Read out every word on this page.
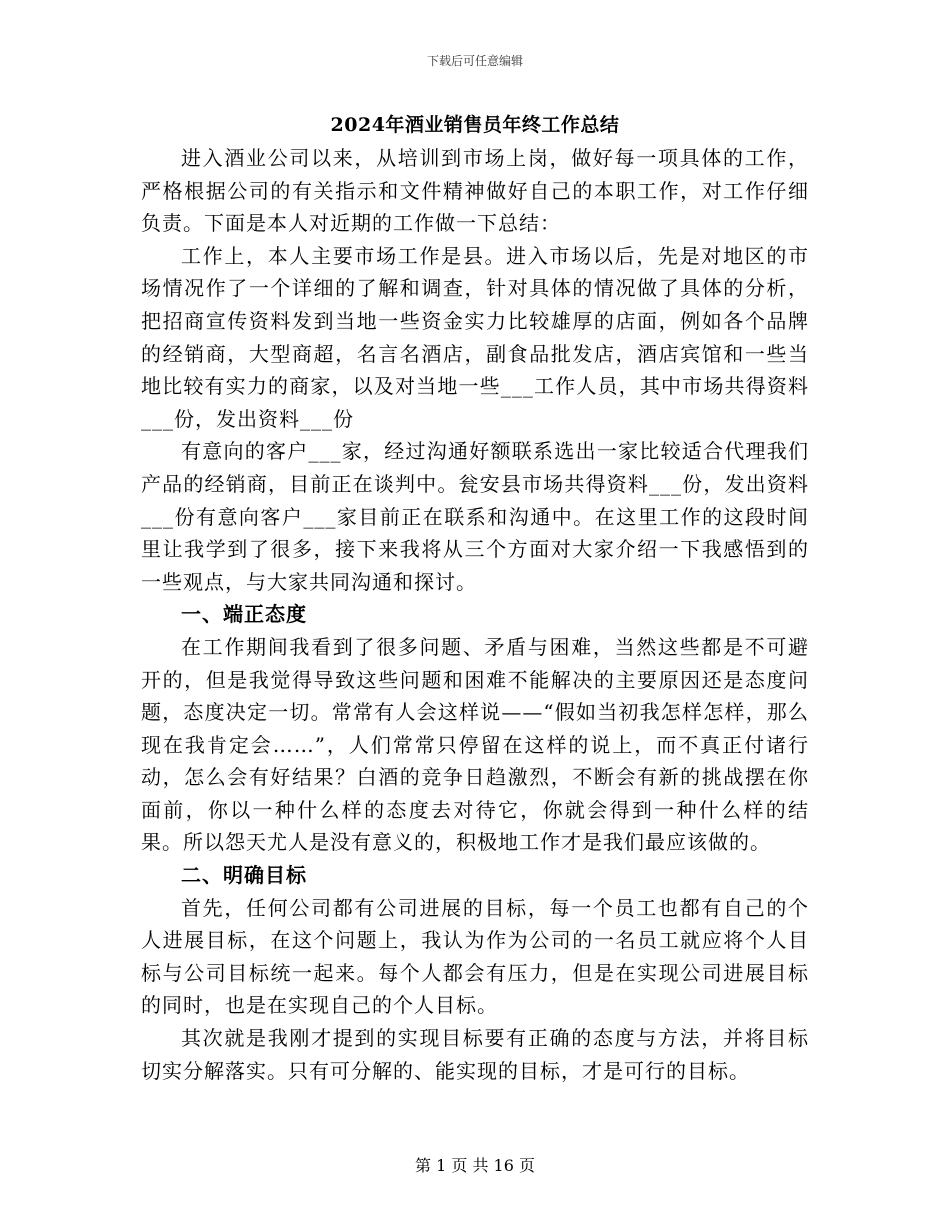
下载后可任意编辑
2024年酒业销售员年终工作总结

进入酒业公司以来，从培训到市场上岗，做好每一项具体的工作，严格根据公司的有关指示和文件精神做好自己的本职工作，对工作仔细负责。下面是本人对近期的工作做一下总结：

工作上，本人主要市场工作是县。进入市场以后，先是对地区的市场情况作了一个详细的了解和调查，针对具体的情况做了具体的分析，把招商宣传资料发到当地一些资金实力比较雄厚的店面，例如各个品牌的经销商，大型商超，名言名酒店，副食品批发店，酒店宾馆和一些当地比较有实力的商家，以及对当地一些___工作人员，其中市场共得资料___份，发出资料___份

有意向的客户___家，经过沟通好额联系选出一家比较适合代理我们产品的经销商，目前正在谈判中。瓮安县市场共得资料___份，发出资料___份有意向客户___家目前正在联系和沟通中。在这里工作的这段时间里让我学到了很多，接下来我将从三个方面对大家介绍一下我感悟到的一些观点，与大家共同沟通和探讨。

一、端正态度

在工作期间我看到了很多问题、矛盾与困难，当然这些都是不可避开的，但是我觉得导致这些问题和困难不能解决的主要原因还是态度问题，态度决定一切。常常有人会这样说——“假如当初我怎样怎样，那么现在我肯定会……”，人们常常只停留在这样的说上，而不真正付诸行动，怎么会有好结果？白酒的竞争日趋激烈，不断会有新的挑战摆在你面前，你以一种什么样的态度去对待它，你就会得到一种什么样的结果。所以怨天尤人是没有意义的，积极地工作才是我们最应该做的。

二、明确目标

首先，任何公司都有公司进展的目标，每一个员工也都有自己的个人进展目标，在这个问题上，我认为作为公司的一名员工就应将个人目标与公司目标统一起来。每个人都会有压力，但是在实现公司进展目标的同时，也是在实现自己的个人目标。

其次就是我刚才提到的实现目标要有正确的态度与方法，并将目标切实分解落实。只有可分解的、能实现的目标，才是可行的目标。

第 1 页 共 16 页
